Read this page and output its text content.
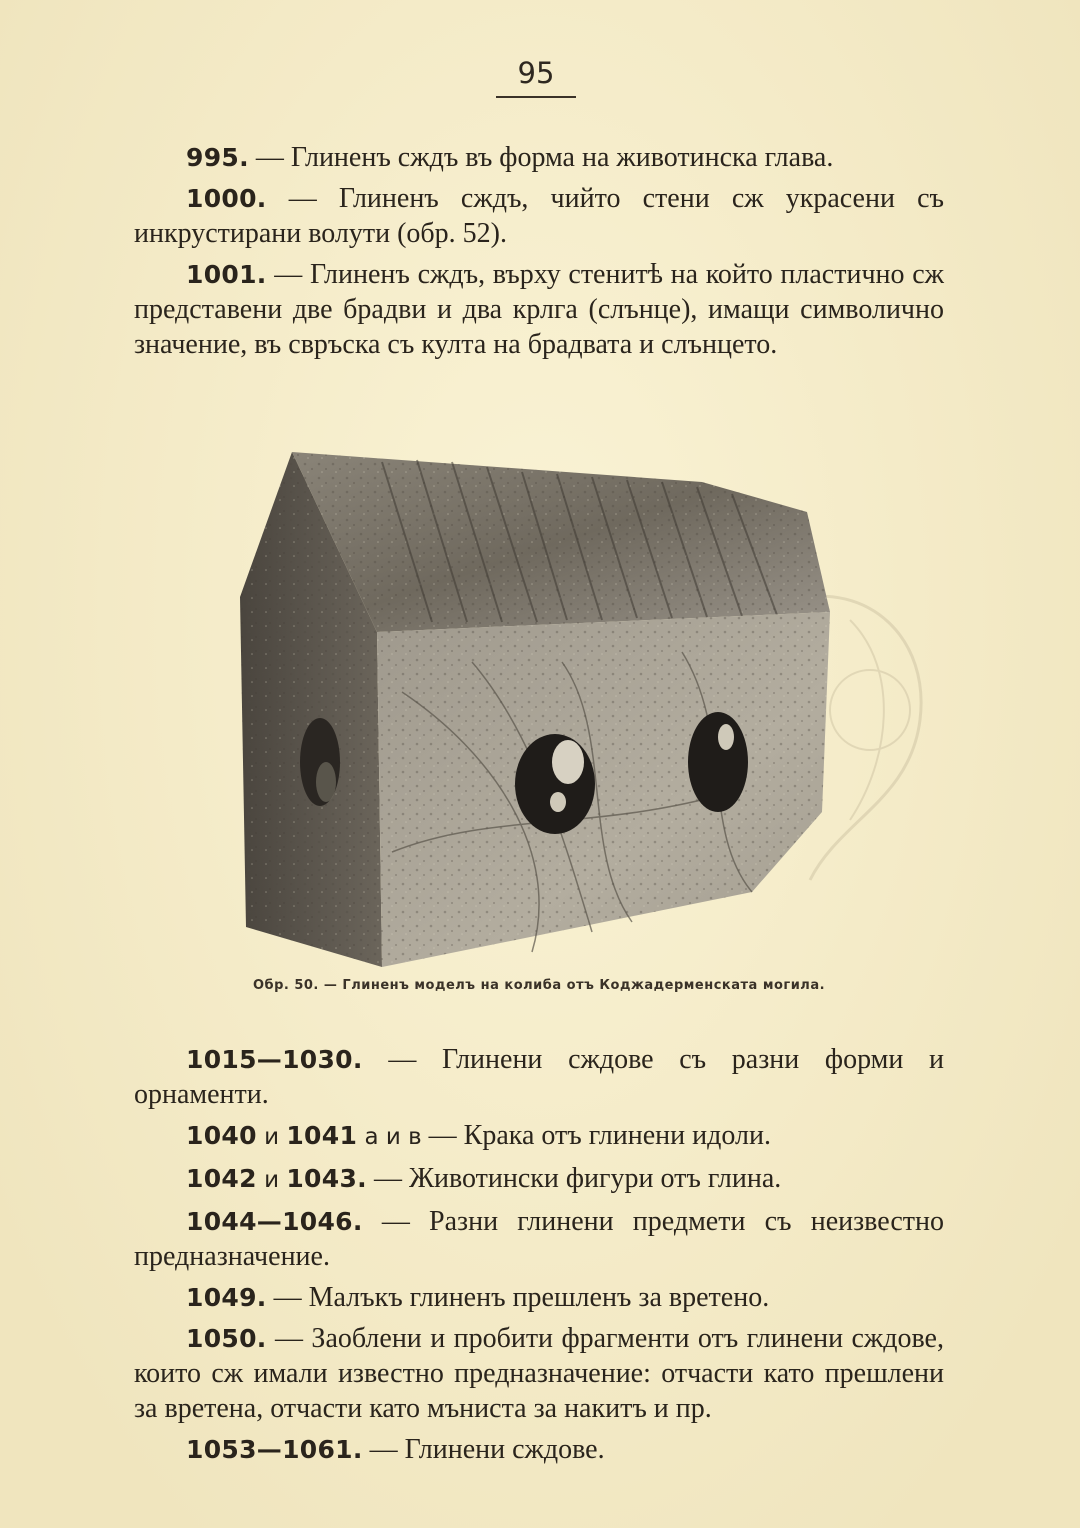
95

995. — Глиненъ сждъ въ форма на животинска глава.

1000. — Глиненъ сждъ, чийто стени сж украсени съ инкрустирани волути (обр. 52).

1001. — Глиненъ сждъ, върху стенитѣ на който пластично сж представени две брадви и два крлга (слънце), имащи символично значение, въ свръска съ култа на брадвата и слънцето.

Обр. 50. — Глиненъ моделъ на колиба отъ Коджадерменската могила.

1015—1030. — Глинени сждове съ разни форми и орнаменти.

1040 и 1041 а и в — Крака отъ глинени идоли.

1042 и 1043. — Животински фигури отъ глина.

1044—1046. — Разни глинени предмети съ неизвестно предназначение.

1049. — Малъкъ глиненъ прешленъ за вретено.

1050. — Заоблени и пробити фрагменти отъ глинени сждове, които сж имали известно предназначение: отчасти като прешлени за вретена, отчасти като мъниста за накитъ и пр.

1053—1061. — Глинени сждове.
